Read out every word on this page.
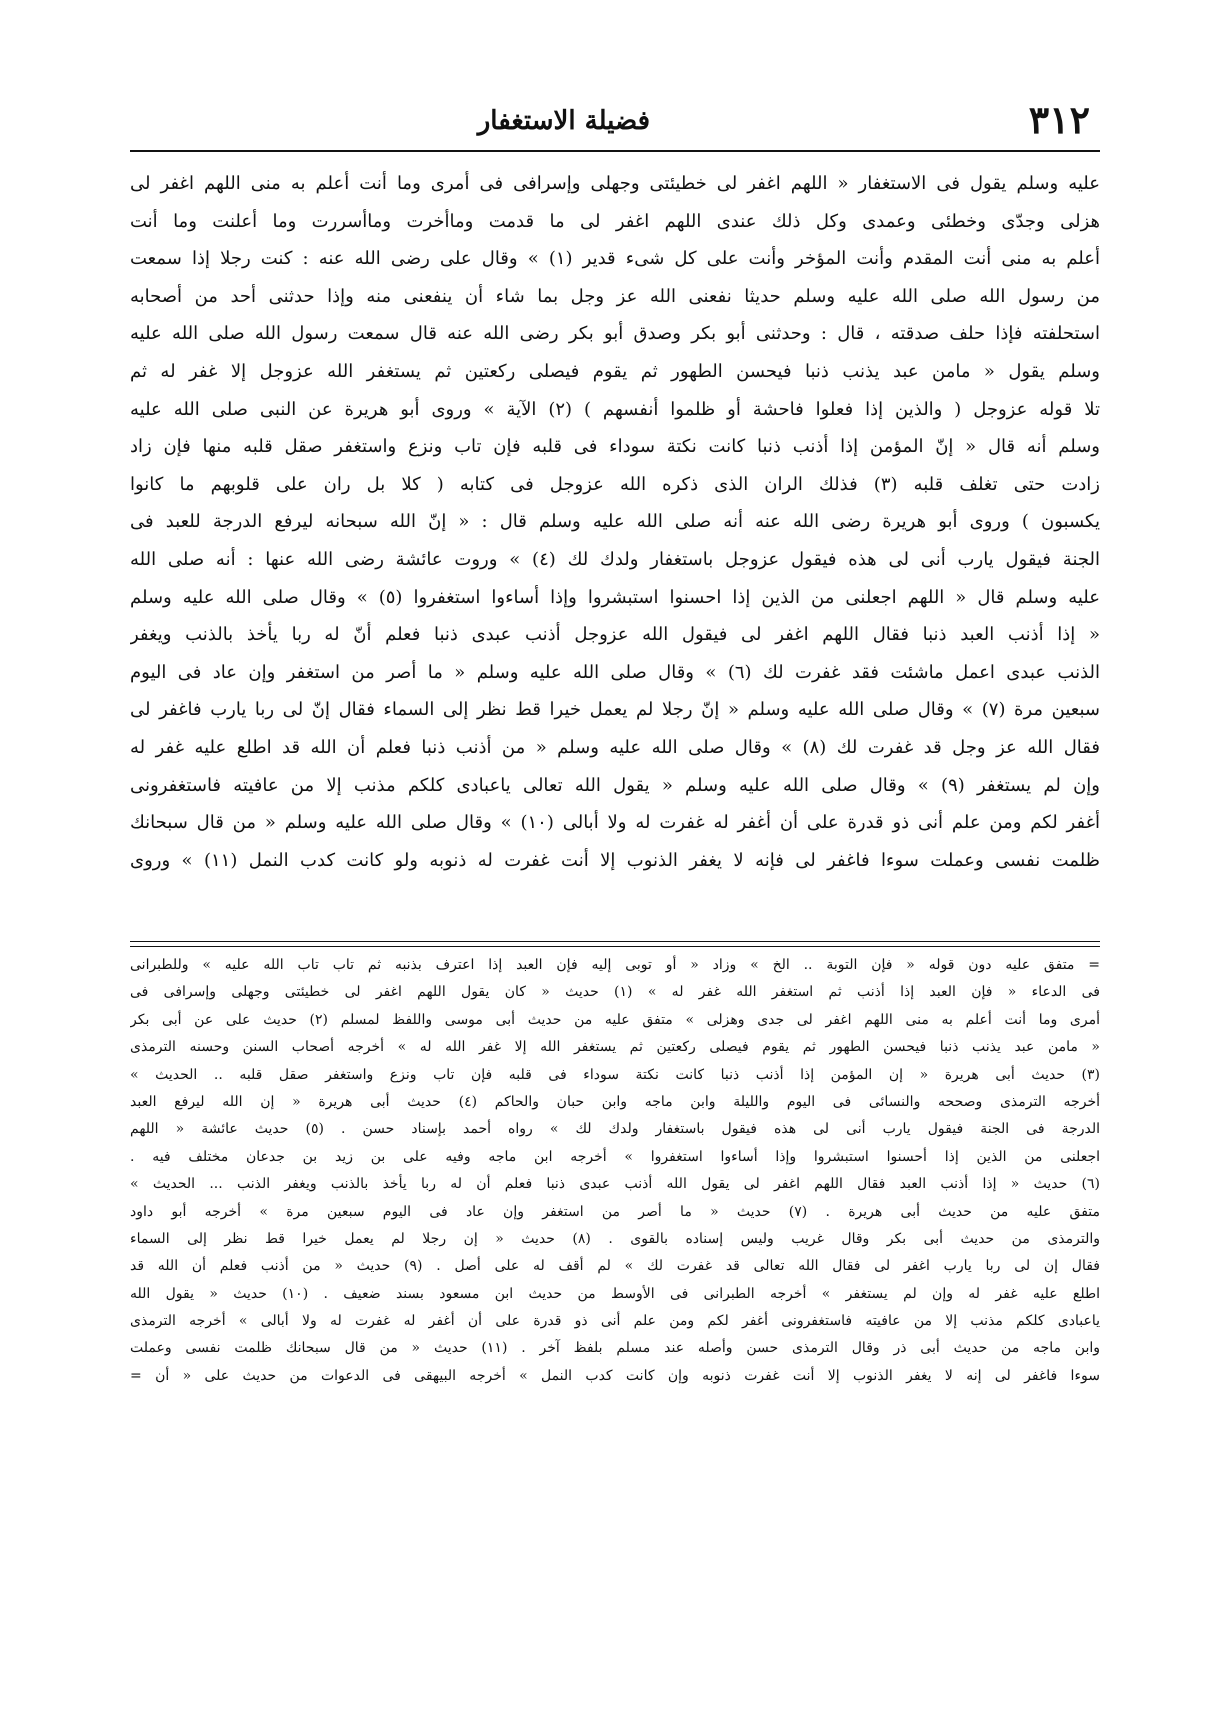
٣١٢
فضيلة الاستغفار
عليه وسلم يقول فى الاستغفار « اللهم اغفر لى خطيئتى وجهلى وإسرافى فى أمرى وما أنت أعلم به منى اللهم اغفر لى
هزلى وجدّى وخطئى وعمدى وكل ذلك عندى اللهم اغفر لى ما قدمت وماأخرت وماأسررت وما أعلنت وما أنت
أعلم به منى أنت المقدم وأنت المؤخر وأنت على كل شىء قدير (١) » وقال على رضى الله عنه : كنت رجلا إذا سمعت
من رسول الله صلى الله عليه وسلم حديثا نفعنى الله عز وجل بما شاء أن ينفعنى منه وإذا حدثنى أحد من أصحابه
استحلفته فإذا حلف صدقته ، قال : وحدثنى أبو بكر وصدق أبو بكر رضى الله عنه قال سمعت رسول الله صلى الله عليه
وسلم يقول « مامن عبد يذنب ذنبا فيحسن الطهور ثم يقوم فيصلى ركعتين ثم يستغفر الله عزوجل إلا غفر له ثم
تلا قوله عزوجل ( والذين إذا فعلوا فاحشة أو ظلموا أنفسهم ) (٢) الآية » وروى أبو هريرة عن النبى صلى الله عليه
وسلم أنه قال « إنّ المؤمن إذا أذنب ذنبا كانت نكتة سوداء فى قلبه فإن تاب ونزع واستغفر صقل قلبه منها فإن زاد
زادت حتى تغلف قلبه (٣) فذلك الران الذى ذكره الله عزوجل فى كتابه ( كلا بل ران على قلوبهم ما كانوا
يكسبون ) وروى أبو هريرة رضى الله عنه أنه صلى الله عليه وسلم قال : « إنّ الله سبحانه ليرفع الدرجة للعبد فى
الجنة فيقول يارب أنى لى هذه فيقول عزوجل باستغفار ولدك لك (٤) » وروت عائشة رضى الله عنها : أنه صلى الله
عليه وسلم قال « اللهم اجعلنى من الذين إذا احسنوا استبشروا وإذا أساءوا استغفروا (٥) » وقال صلى الله عليه وسلم
« إذا أذنب العبد ذنبا فقال اللهم اغفر لى فيقول الله عزوجل أذنب عبدى ذنبا فعلم أنّ له ربا يأخذ بالذنب ويغفر
الذنب عبدى اعمل ماشئت فقد غفرت لك (٦) » وقال صلى الله عليه وسلم « ما أصر من استغفر وإن عاد فى اليوم
سبعين مرة (٧) » وقال صلى الله عليه وسلم « إنّ رجلا لم يعمل خيرا قط نظر إلى السماء فقال إنّ لى ربا يارب فاغفر لى
فقال الله عز وجل قد غفرت لك (٨) » وقال صلى الله عليه وسلم « من أذنب ذنبا فعلم أن الله قد اطلع عليه غفر له
وإن لم يستغفر (٩) » وقال صلى الله عليه وسلم « يقول الله تعالى ياعبادى كلكم مذنب إلا من عافيته فاستغفرونى
أغفر لكم ومن علم أنى ذو قدرة على أن أغفر له غفرت له ولا أبالى (١٠) » وقال صلى الله عليه وسلم « من قال سبحانك
ظلمت نفسى وعملت سوءا فاغفر لى فإنه لا يغفر الذنوب إلا أنت غفرت له ذنوبه ولو كانت كدب النمل (١١) » وروى
= متفق عليه دون قوله « فإن التوبة .. الخ » وزاد « أو توبى إليه فإن العبد إذا اعترف بذنبه ثم تاب تاب الله عليه » وللطبرانى
فى الدعاء « فإن العبد إذا أذنب ثم استغفر الله غفر له » (١) حديث « كان يقول اللهم اغفر لى خطيئتى وجهلى وإسرافى فى
أمرى وما أنت أعلم به منى اللهم اغفر لى جدى وهزلى » متفق عليه من حديث أبى موسى واللفظ لمسلم (٢) حديث على عن أبى بكر
« مامن عبد يذنب ذنبا فيحسن الطهور ثم يقوم فيصلى ركعتين ثم يستغفر الله إلا غفر الله له » أخرجه أصحاب السنن وحسنه الترمذى
(٣) حديث أبى هريرة « إن المؤمن إذا أذنب ذنبا كانت نكتة سوداء فى قلبه فإن تاب ونزع واستغفر صقل قلبه .. الحديث »
أخرجه الترمذى وصححه والنسائى فى اليوم والليلة وابن ماجه وابن حبان والحاكم (٤) حديث أبى هريرة « إن الله ليرفع العبد
الدرجة فى الجنة فيقول يارب أنى لى هذه فيقول باستغفار ولدك لك » رواه أحمد بإسناد حسن . (٥) حديث عائشة « اللهم
اجعلنى من الذين إذا أحسنوا استبشروا وإذا أساءوا استغفروا » أخرجه ابن ماجه وفيه على بن زيد بن جدعان مختلف فيه .
(٦) حديث « إذا أذنب العبد فقال اللهم اغفر لى يقول الله أذنب عبدى ذنبا فعلم أن له ربا يأخذ بالذنب ويغفر الذنب ... الحديث »
متفق عليه من حديث أبى هريرة . (٧) حديث « ما أصر من استغفر وإن عاد فى اليوم سبعين مرة » أخرجه أبو داود
والترمذى من حديث أبى بكر وقال غريب وليس إسناده بالقوى . (٨) حديث « إن رجلا لم يعمل خيرا قط نظر إلى السماء
فقال إن لى ربا يارب اغفر لى فقال الله تعالى قد غفرت لك » لم أقف له على أصل . (٩) حديث « من أذنب فعلم أن الله قد
اطلع عليه غفر له وإن لم يستغفر » أخرجه الطبرانى فى الأوسط من حديث ابن مسعود بسند ضعيف . (١٠) حديث « يقول الله
ياعبادى كلكم مذنب إلا من عافيته فاستغفرونى أغفر لكم ومن علم أنى ذو قدرة على أن أغفر له غفرت له ولا أبالى » أخرجه الترمذى
وابن ماجه من حديث أبى ذر وقال الترمذى حسن وأصله عند مسلم بلفظ آخر . (١١) حديث « من قال سبحانك ظلمت نفسى وعملت
سوءا فاغفر لى إنه لا يغفر الذنوب إلا أنت غفرت ذنوبه وإن كانت كدب النمل » أخرجه البيهقى فى الدعوات من حديث على « أن =
